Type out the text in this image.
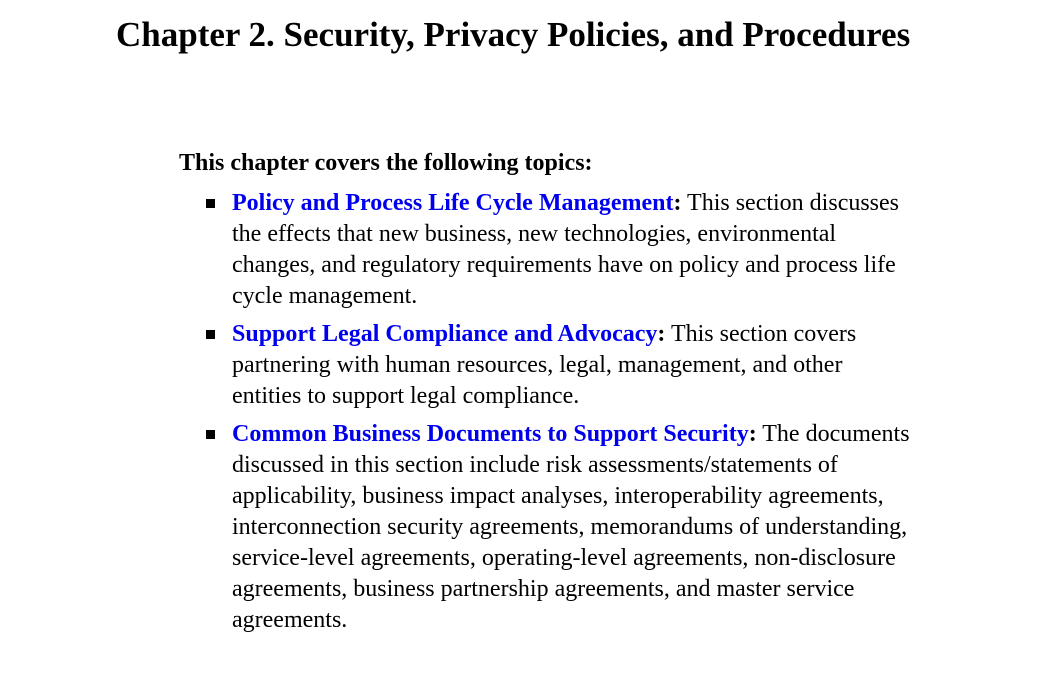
Chapter 2. Security, Privacy Policies, and Procedures

This chapter covers the following topics:

Policy and Process Life Cycle Management: This section discusses the effects that new business, new technologies, environmental changes, and regulatory requirements have on policy and process life cycle management.
Support Legal Compliance and Advocacy: This section covers partnering with human resources, legal, management, and other entities to support legal compliance.
Common Business Documents to Support Security: The documents discussed in this section include risk assessments/statements of applicability, business impact analyses, interoperability agreements, interconnection security agreements, memorandums of understanding, service-level agreements, operating-level agreements, non-disclosure agreements, business partnership agreements, and master service agreements.
